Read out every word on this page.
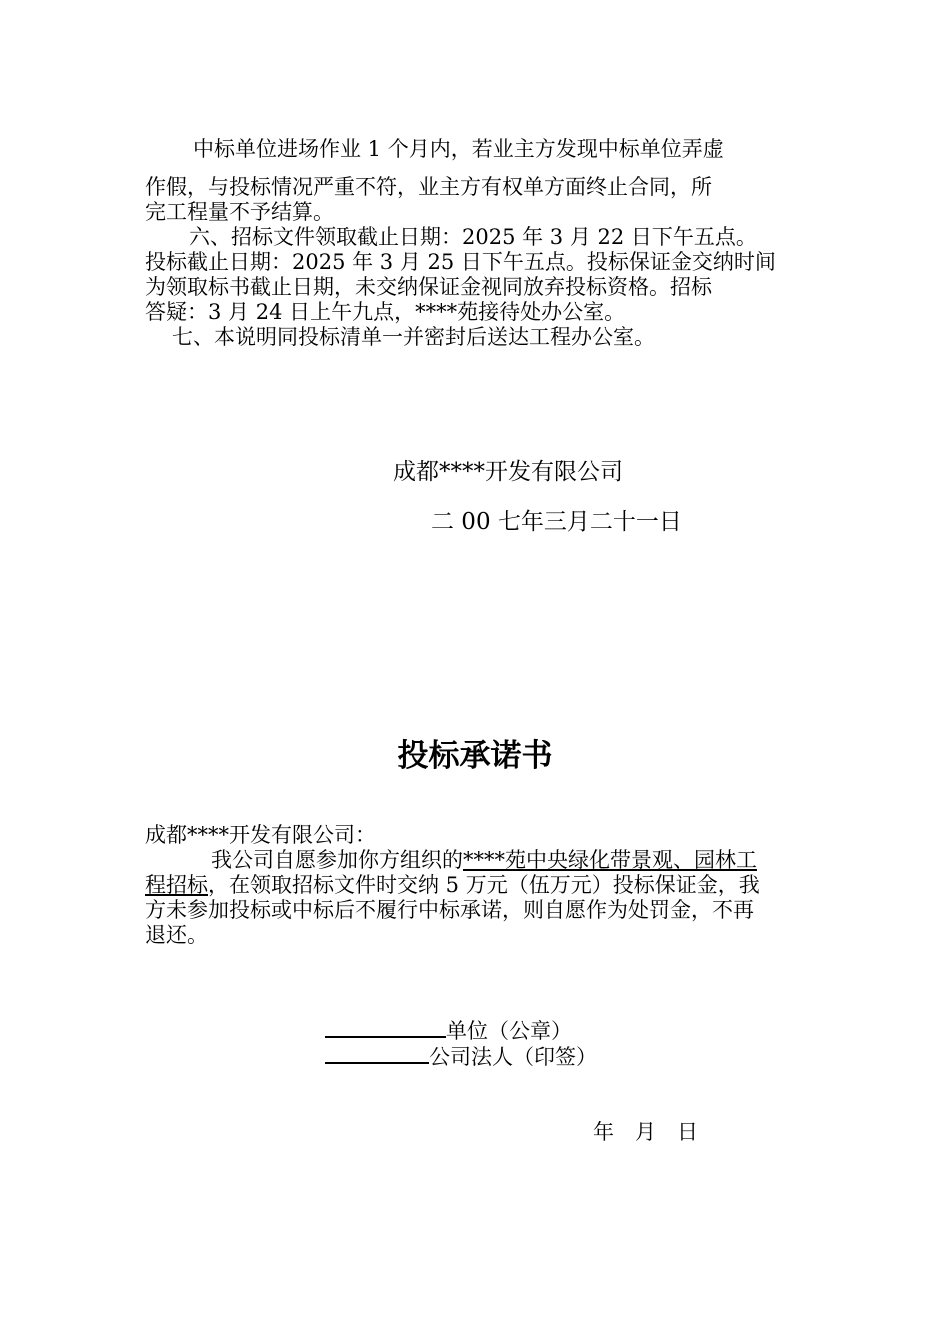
中标单位进场作业 1 个月内，若业主方发现中标单位弄虚
作假，与投标情况严重不符，业主方有权单方面终止合同，所
完工程量不予结算。
六、招标文件领取截止日期：2025 年 3 月 22 日下午五点。
投标截止日期：2025 年 3 月 25 日下午五点。投标保证金交纳时间
为领取标书截止日期，未交纳保证金视同放弃投标资格。招标
答疑：3 月 24 日上午九点，****苑接待处办公室。
七、本说明同投标清单一并密封后送达工程办公室。
成都****开发有限公司
二 00 七年三月二十一日
投标承诺书
成都****开发有限公司：
我公司自愿参加你方组织的****苑中央绿化带景观、园林工
程招标，在领取招标文件时交纳 5 万元（伍万元）投标保证金，我
方未参加投标或中标后不履行中标承诺，则自愿作为处罚金，不再
退还。
单位（公章）
公司法人（印签）
年　月　日
